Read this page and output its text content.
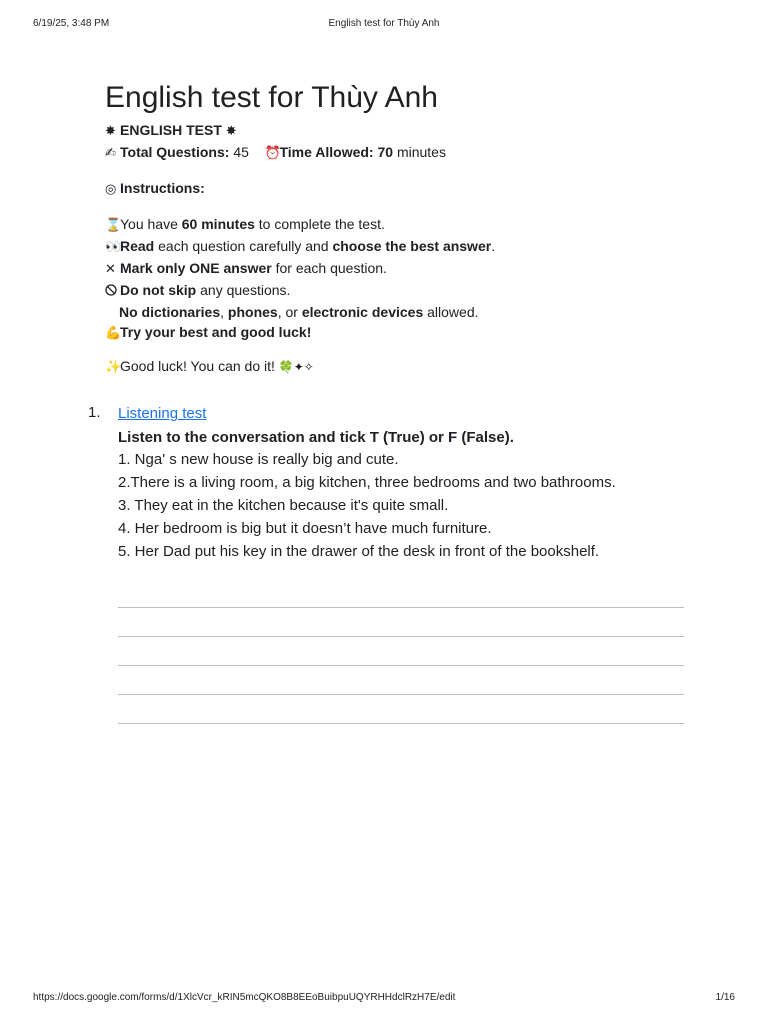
6/19/25, 3:48 PM	English test for Thùy Anh
English test for Thùy Anh
✸ ENGLISH TEST ✸
✍ Total Questions: 45 ⏰Time Allowed: 70 minutes
◎ Instructions:
⌛You have 60 minutes to complete the test.
👀Read each question carefully and choose the best answer.
✕ Mark only ONE answer for each question.
Do not skip any questions.
No dictionaries, phones, or electronic devices allowed.
💪Try your best and good luck!
✨Good luck! You can do it! 🍀✦✧
1. Listening test
Listen to the conversation and tick T (True) or F (False).
1. Nga' s new house is really big and cute.
2.There is a living room, a big kitchen, three bedrooms and two bathrooms.
3. They eat in the kitchen because it's quite small.
4. Her bedroom is big but it doesn’t have much furniture.
5. Her Dad put his key in the drawer of the desk in front of the bookshelf.
https://docs.google.com/forms/d/1XlcVcr_kRIN5mcQKO8B8EEoBuibpuUQYRHHdclRzH7E/edit	1/16
